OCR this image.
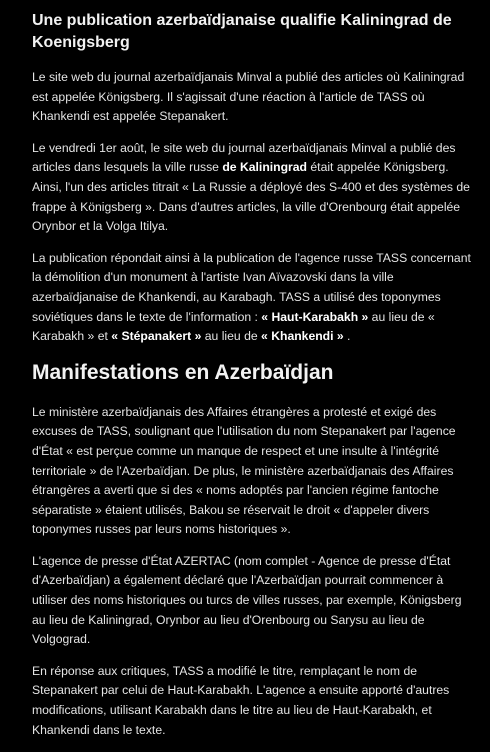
Une publication azerbaïdjanaise qualifie Kaliningrad de Koenigsberg

Le site web du journal azerbaïdjanais Minval a publié des articles où Kaliningrad est appelée Königsberg. Il s'agissait d'une réaction à l'article de TASS où Khankendi est appelée Stepanakert.

Le vendredi 1er août, le site web du journal azerbaïdjanais Minval a publié des articles dans lesquels la ville russe de Kaliningrad était appelée Königsberg. Ainsi, l'un des articles titrait « La Russie a déployé des S-400 et des systèmes de frappe à Königsberg ». Dans d'autres articles, la ville d'Orenbourg était appelée Orynbor et la Volga Itilya.

La publication répondait ainsi à la publication de l'agence russe TASS concernant la démolition d'un monument à l'artiste Ivan Aïvazovski dans la ville azerbaïdjanaise de Khankendi, au Karabagh. TASS a utilisé des toponymes soviétiques dans le texte de l'information : « Haut-Karabakh » au lieu de « Karabakh » et « Stépanakert » au lieu de « Khankendi » .

Manifestations en Azerbaïdjan

Le ministère azerbaïdjanais des Affaires étrangères a protesté et exigé des excuses de TASS, soulignant que l'utilisation du nom Stepanakert par l'agence d'État « est perçue comme un manque de respect et une insulte à l'intégrité territoriale » de l'Azerbaïdjan. De plus, le ministère azerbaïdjanais des Affaires étrangères a averti que si des « noms adoptés par l'ancien régime fantoche séparatiste » étaient utilisés, Bakou se réservait le droit « d'appeler divers toponymes russes par leurs noms historiques ».

L'agence de presse d'État AZERTAC (nom complet - Agence de presse d'État d'Azerbaïdjan) a également déclaré que l'Azerbaïdjan pourrait commencer à utiliser des noms historiques ou turcs de villes russes, par exemple, Königsberg au lieu de Kaliningrad, Orynbor au lieu d'Orenbourg ou Sarysu au lieu de Volgograd.

En réponse aux critiques, TASS a modifié le titre, remplaçant le nom de Stepanakert par celui de Haut-Karabakh. L'agence a ensuite apporté d'autres modifications, utilisant Karabakh dans le titre au lieu de Haut-Karabakh, et Khankendi dans le texte.
